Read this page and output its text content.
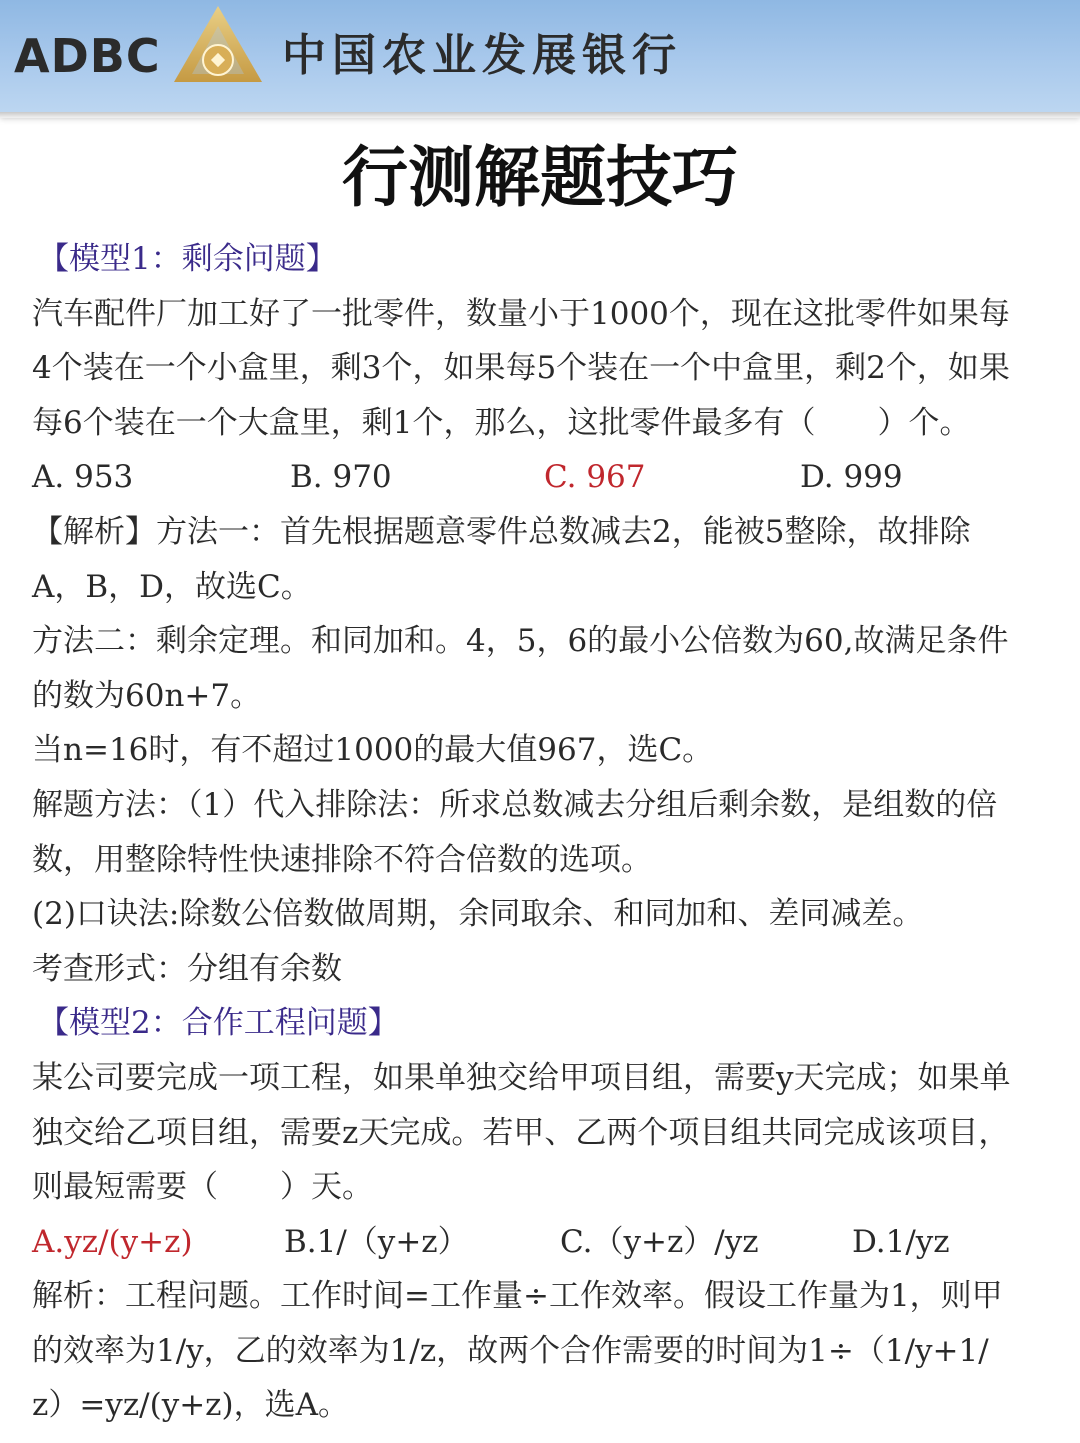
ADBC	中国农业发展银行
行测解题技巧
【模型1：剩余问题】
汽车配件厂加工好了一批零件，数量小于1000个，现在这批零件如果每
4个装在一个小盒里，剩3个，如果每5个装在一个中盒里，剩2个，如果
每6个装在一个大盒里，剩1个，那么，这批零件最多有（　　）个。
A. 953	B. 970	C. 967	D. 999
【解析】方法一：首先根据题意零件总数减去2，能被5整除，故排除
A，B，D，故选C。
方法二：剩余定理。和同加和。4，5，6的最小公倍数为60,故满足条件
的数为60n+7。
当n=16时，有不超过1000的最大值967，选C。
解题方法：（1）代入排除法：所求总数减去分组后剩余数，是组数的倍
数，用整除特性快速排除不符合倍数的选项。
(2)口诀法:除数公倍数做周期，余同取余、和同加和、差同减差。
考查形式：分组有余数
【模型2：合作工程问题】
某公司要完成一项工程，如果单独交给甲项目组，需要y天完成；如果单
独交给乙项目组，需要z天完成。若甲、乙两个项目组共同完成该项目，
则最短需要（　　）天。
A.yz/(y+z)	B.1/（y+z）	C.（y+z）/yz	D.1/yz
解析：工程问题。工作时间=工作量÷工作效率。假设工作量为1，则甲
的效率为1/y，乙的效率为1/z，故两个合作需要的时间为1÷（1/y+1/
z）=yz/(y+z)，选A。
